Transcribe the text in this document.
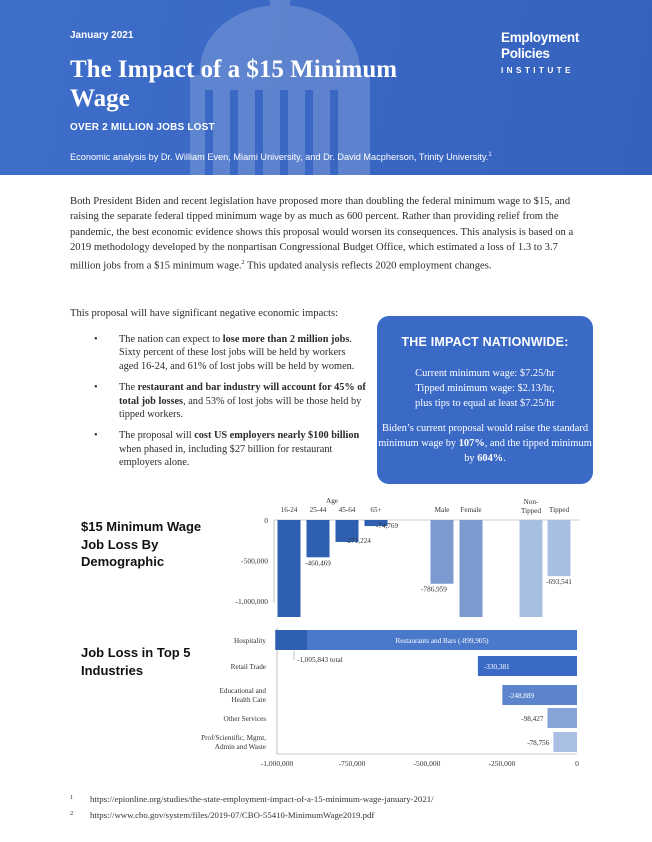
January 2021
The Impact of a $15 Minimum Wage
OVER 2 MILLION JOBS LOST
Economic analysis by Dr. William Even, Miami University, and Dr. David Macpherson, Trinity University.$^1$
Employment
Policies
INSTITUTE
Both President Biden and recent legislation have proposed more than doubling the federal minimum wage to $15, and raising the separate federal tipped minimum wage by as much as 600 percent. Rather than providing relief from the pandemic, the best economic evidence shows this proposal would worsen its consequences. This analysis is based on a 2019 methodology developed by the nonpartisan Congressional Budget Office, which estimated a loss of 1.3 to 3.7 million jobs from a $15 minimum wage.$^2$ This updated analysis reflects 2020 employment changes.
This proposal will have significant negative economic impacts:
• The nation can expect to lose more than 2 million jobs. Sixty percent of these lost jobs will be held by workers aged 16-24, and 61% of lost jobs will be held by women.
• The restaurant and bar industry will account for 45% of total job losses, and 53% of lost jobs will be those held by tipped workers.
• The proposal will cost US employers nearly $100 billion when phased in, including $27 billion for restaurant employers alone.
THE IMPACT NATIONWIDE:
Current minimum wage: $7.25/hr
Tipped minimum wage: $2.13/hr,
plus tips to equal at least $7.25/hr
Biden’s current proposal would raise the standard minimum wage by 107%, and the tipped minimum by 604%.
$15 Minimum Wage Job Loss By Demographic
0
-500,000
-1,000,000
16-24 25-44
-460,469
45-64
-271,224
65+
-74,769
Male
-786,959
Female
Non-
Tipped Tipped
-693,541
Age
Job Loss in Top 5 Industries
Hospitality
Retail Trade
Educational and
Health Care
Other Services
Prof/Scientific, Mgmt,
Admin and Waste
Restaurants and Bars (-899,905)
-1,005,843 total
-330,381
-248,889
-98,427
-78,756
-1,000,000	-750,000	-500,000	-250,000	0
1 https://epionline.org/studies/the-state-employment-impact-of-a-15-minimum-wage-january-2021/
2 https://www.cbo.gov/system/files/2019-07/CBO-55410-MinimumWage2019.pdf
